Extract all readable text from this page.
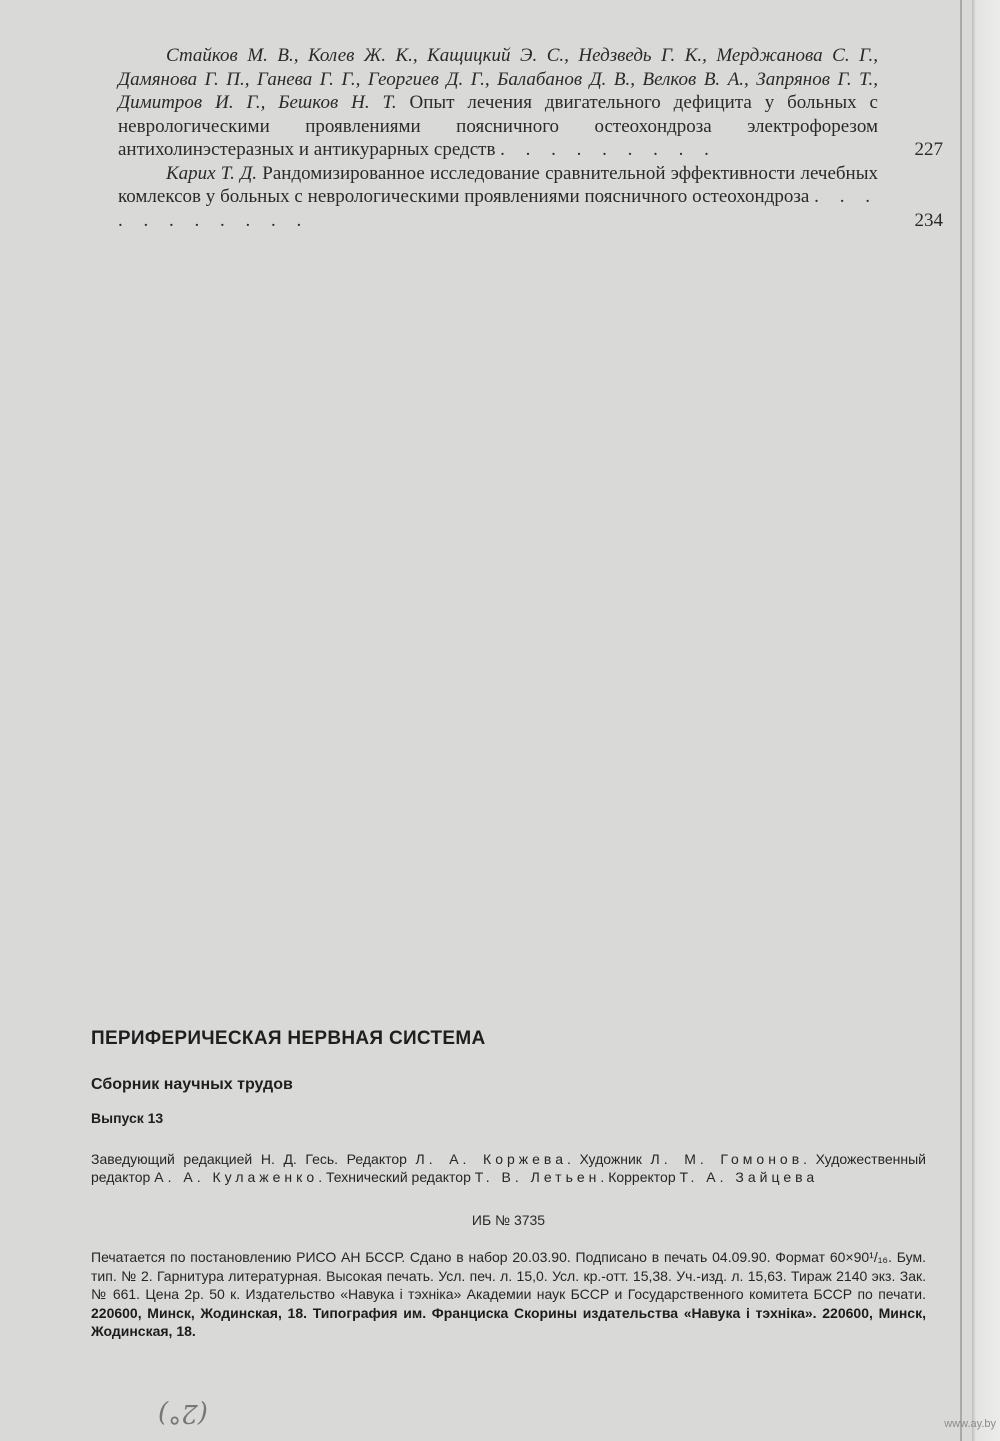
Стайков М. В., Колев Ж. К., Кащицкий Э. С., Недзведь Г. К., Мерджанова С. Г., Дамянова Г. П., Ганева Г. Г., Георгиев Д. Г., Балабанов Д. В., Велков В. А., Запрянов Г. Т., Димитров И. Г., Бешков Н. Т. Опыт лечения двигательного дефицита у больных с неврологическими проявлениями поясничного остеохондроза электрофорезом антихолинэстеразных и антикурарных средств . . . . . . . . .	227
Карих Т. Д. Рандомизированное исследование сравнительной эффективности лечебных комлексов у больных с неврологическими проявлениями поясничного остеохондроза . . . . . . . . . . .	234
ПЕРИФЕРИЧЕСКАЯ НЕРВНАЯ СИСТЕМА
Сборник научных трудов
Выпуск 13
Заведующий редакцией Н. Д. Гесь. Редактор Л. А. Коржева. Художник Л. М. Гомонов. Художественный редактор А. А. Кулаженко. Технический редактор Т. В. Летьен. Корректор Т. А. Зайцева
ИБ № 3735
Печатается по постановлению РИСО АН БССР. Сдано в набор 20.03.90. Подписано в печать 04.09.90. Формат 60×90¹/₁₆. Бум. тип. № 2. Гарнитура литературная. Высокая печать. Усл. печ. л. 15,0. Усл. кр.-отт. 15,38. Уч.-изд. л. 15,63. Тираж 2140 экз. Зак. № 661. Цена 2р. 50 к. Издательство «Навука і тэхніка» Академии наук БССР и Государственного комитета БССР по печати. 220600, Минск, Жодинская, 18. Типография им. Франциска Скорины издательства «Навука і тэхніка». 220600, Минск, Жодинская, 18.
(2°)	www.ay.by
